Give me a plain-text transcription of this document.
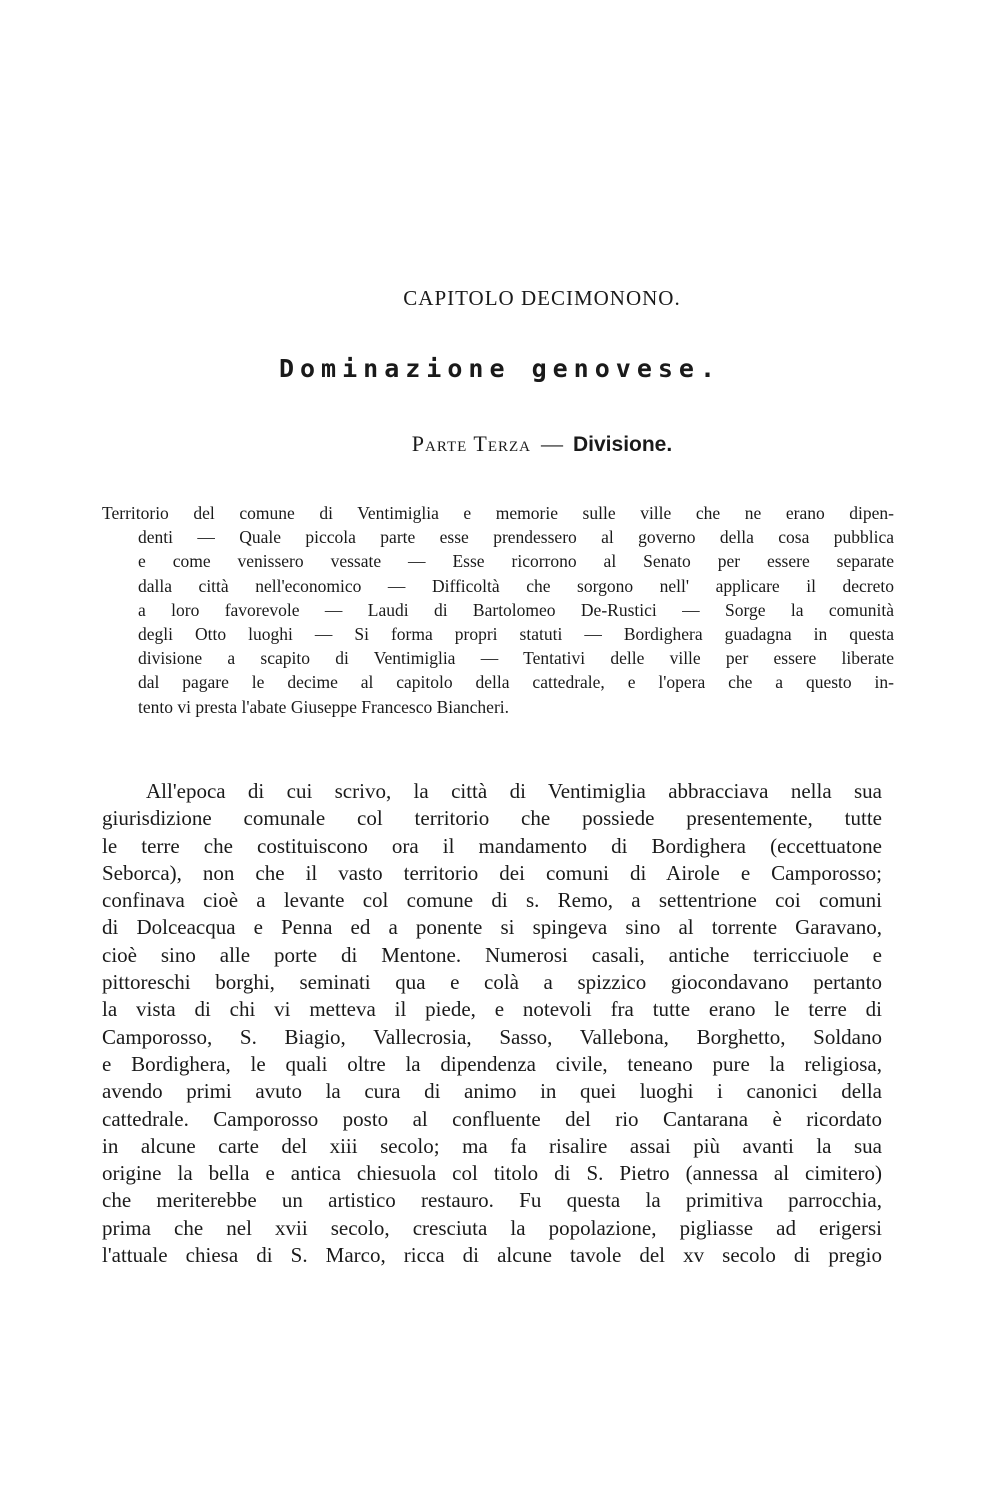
CAPITOLO DECIMONONO.
Dominazione genovese.
Parte Terza — Divisione.
Territorio del comune di Ventimiglia e memorie sulle ville che ne erano dipen-
denti — Quale piccola parte esse prendessero al governo della cosa pubblica
e come venissero vessate — Esse ricorrono al Senato per essere separate
dalla città nell'economico — Difficoltà che sorgono nell' applicare il decreto
a loro favorevole — Laudi di Bartolomeo De-Rustici — Sorge la comunità
degli Otto luoghi — Si forma propri statuti — Bordighera guadagna in questa
divisione a scapito di Ventimiglia — Tentativi delle ville per essere liberate
dal pagare le decime al capitolo della cattedrale, e l'opera che a questo in-
tento vi presta l'abate Giuseppe Francesco Biancheri.
All'epoca di cui scrivo, la città di Ventimiglia abbracciava nella sua
giurisdizione comunale col territorio che possiede presentemente, tutte
le terre che costituiscono ora il mandamento di Bordighera (eccettuatone
Seborca), non che il vasto territorio dei comuni di Airole e Camporosso;
confinava cioè a levante col comune di s. Remo, a settentrione coi comuni
di Dolceacqua e Penna ed a ponente si spingeva sino al torrente Garavano,
cioè sino alle porte di Mentone. Numerosi casali, antiche terricciuole e
pittoreschi borghi, seminati qua e colà a spizzico giocondavano pertanto
la vista di chi vi metteva il piede, e notevoli fra tutte erano le terre di
Camporosso, S. Biagio, Vallecrosia, Sasso, Vallebona, Borghetto, Soldano
e Bordighera, le quali oltre la dipendenza civile, teneano pure la religiosa,
avendo primi avuto la cura di animo in quei luoghi i canonici della
cattedrale. Camporosso posto al confluente del rio Cantarana è ricordato
in alcune carte del xiii secolo; ma fa risalire assai più avanti la sua
origine la bella e antica chiesuola col titolo di S. Pietro (annessa al cimitero)
che meriterebbe un artistico restauro. Fu questa la primitiva parrocchia,
prima che nel xvii secolo, cresciuta la popolazione, pigliasse ad erigersi
l'attuale chiesa di S. Marco, ricca di alcune tavole del xv secolo di pregio
